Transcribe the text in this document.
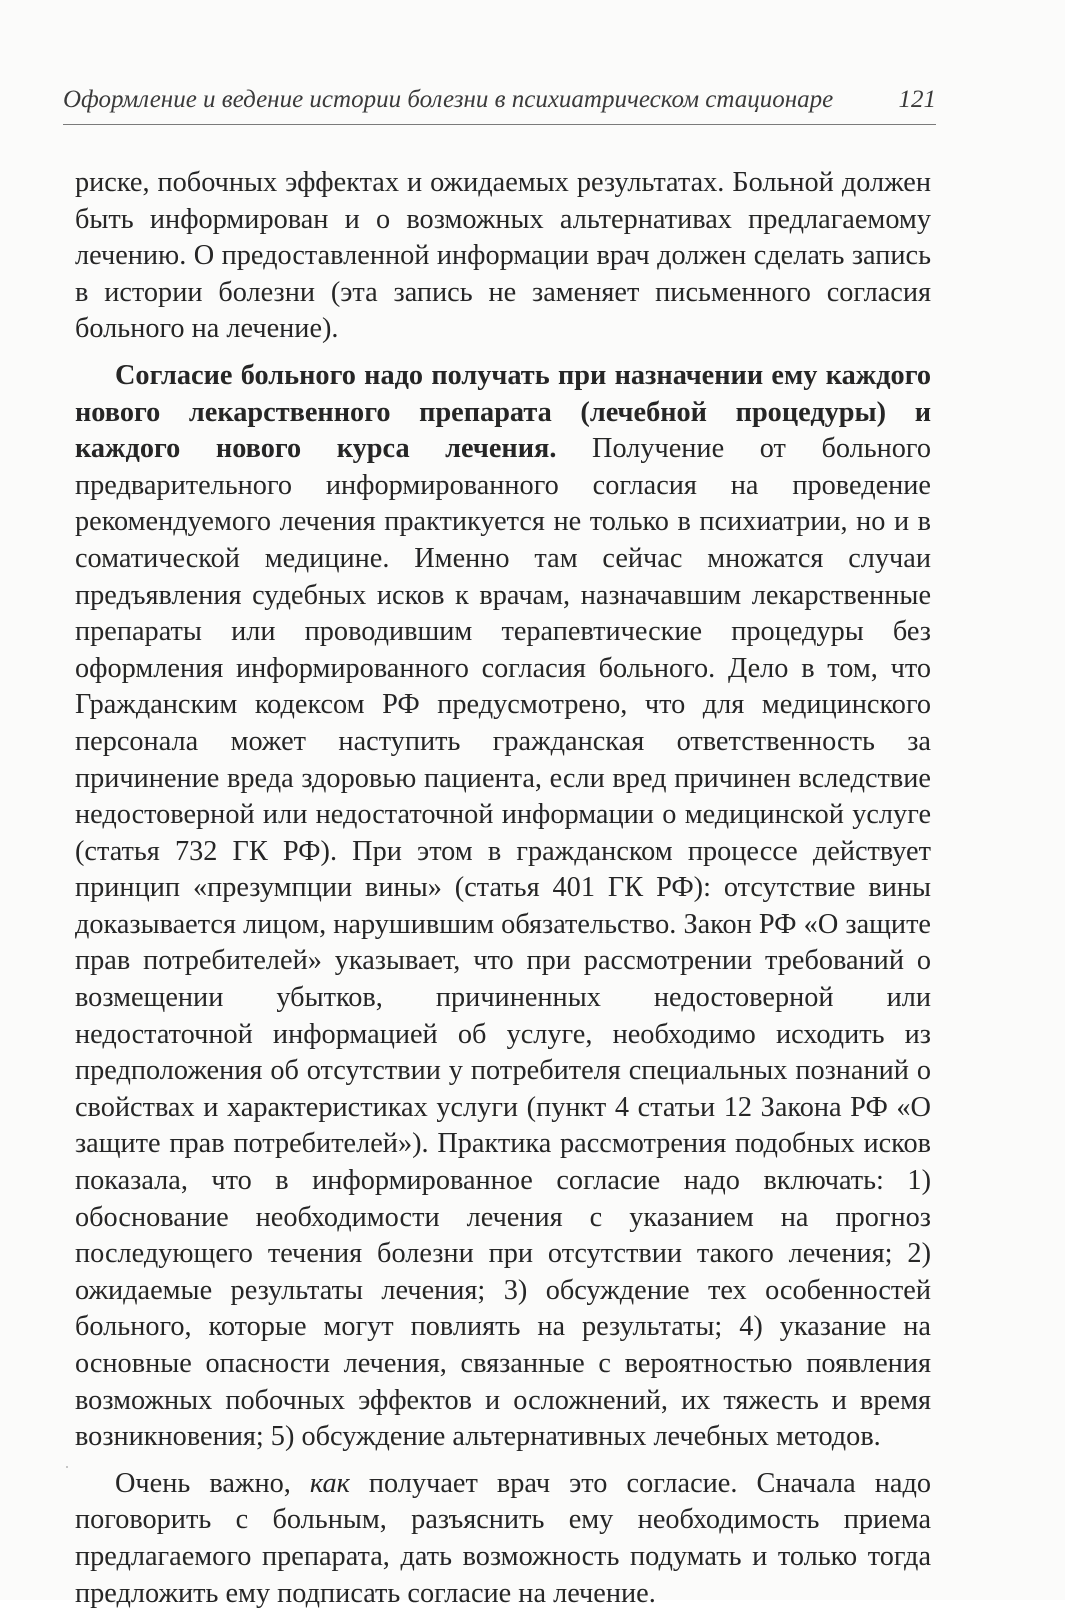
Оформление и ведение истории болезни в психиатрическом стационаре	121

риске, побочных эффектах и ожидаемых результатах. Больной должен быть информирован и о возможных альтернативах предлагаемому лечению. О предоставленной информации врач должен сделать запись в истории болезни (эта запись не заменяет письменного согласия больного на лечение).

Согласие больного надо получать при назначении ему каждого нового лекарственного препарата (лечебной процедуры) и каждого нового курса лечения. Получение от больного предварительного информированного согласия на проведение рекомендуемого лечения практикуется не только в психиатрии, но и в соматической медицине. Именно там сейчас множатся случаи предъявления судебных исков к врачам, назначавшим лекарственные препараты или проводившим терапевтические процедуры без оформления информированного согласия больного. Дело в том, что Гражданским кодексом РФ предусмотрено, что для медицинского персонала может наступить гражданская ответственность за причинение вреда здоровью пациента, если вред причинен вследствие недостоверной или недостаточной информации о медицинской услуге (статья 732 ГК РФ). При этом в гражданском процессе действует принцип «презумпции вины» (статья 401 ГК РФ): отсутствие вины доказывается лицом, нарушившим обязательство. Закон РФ «О защите прав потребителей» указывает, что при рассмотрении требований о возмещении убытков, причиненных недостоверной или недостаточной информацией об услуге, необходимо исходить из предположения об отсутствии у потребителя специальных познаний о свойствах и характеристиках услуги (пункт 4 статьи 12 Закона РФ «О защите прав потребителей»). Практика рассмотрения подобных исков показала, что в информированное согласие надо включать: 1) обоснование необходимости лечения с указанием на прогноз последующего течения болезни при отсутствии такого лечения; 2) ожидаемые результаты лечения; 3) обсуждение тех особенностей больного, которые могут повлиять на результаты; 4) указание на основные опасности лечения, связанные с вероятностью появления возможных побочных эффектов и осложнений, их тяжесть и время возникновения; 5) обсуждение альтернативных лечебных методов.

Очень важно, как получает врач это согласие. Сначала надо поговорить с больным, разъяснить ему необходимость приема предлагаемого препарата, дать возможность подумать и только тогда предложить ему подписать согласие на лечение.
